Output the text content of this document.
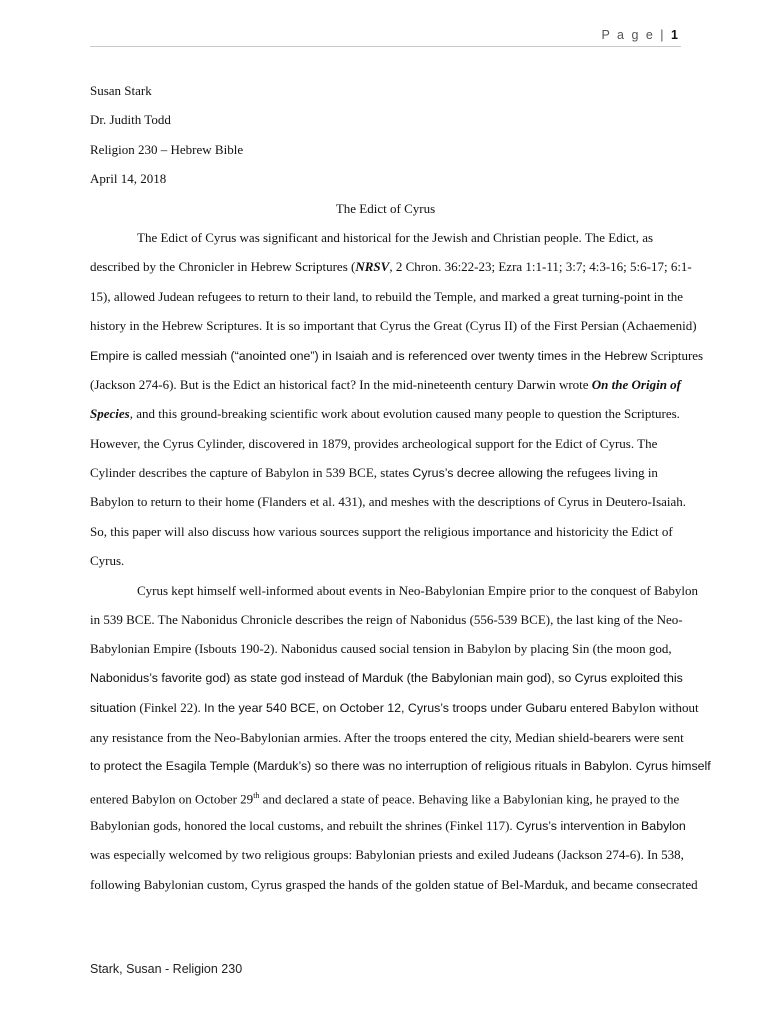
P a g e | 1
Susan Stark
Dr. Judith Todd
Religion 230 – Hebrew Bible
April 14, 2018
The Edict of Cyrus
The Edict of Cyrus was significant and historical for the Jewish and Christian people. The Edict, as
described by the Chronicler in Hebrew Scriptures (NRSV, 2 Chron. 36:22-23; Ezra 1:1-11; 3:7; 4:3-16; 5:6-17; 6:1-
15), allowed Judean refugees to return to their land, to rebuild the Temple, and marked a great turning-point in the
history in the Hebrew Scriptures. It is so important that Cyrus the Great (Cyrus II) of the First Persian (Achaemenid)
Empire is called messiah (“anointed one”) in Isaiah and is referenced over twenty times in the Hebrew Scriptures
(Jackson 274-6). But is the Edict an historical fact? In the mid-nineteenth century Darwin wrote On the Origin of
Species, and this ground-breaking scientific work about evolution caused many people to question the Scriptures.
However, the Cyrus Cylinder, discovered in 1879, provides archeological support for the Edict of Cyrus. The
Cylinder describes the capture of Babylon in 539 BCE, states Cyrus’s decree allowing the refugees living in
Babylon to return to their home (Flanders et al. 431), and meshes with the descriptions of Cyrus in Deutero-Isaiah.
So, this paper will also discuss how various sources support the religious importance and historicity the Edict of
Cyrus.
Cyrus kept himself well-informed about events in Neo-Babylonian Empire prior to the conquest of Babylon
in 539 BCE. The Nabonidus Chronicle describes the reign of Nabonidus (556-539 BCE), the last king of the Neo-
Babylonian Empire (Isbouts 190-2). Nabonidus caused social tension in Babylon by placing Sin (the moon god,
Nabonidus’s favorite god) as state god instead of Marduk (the Babylonian main god), so Cyrus exploited this
situation (Finkel 22). In the year 540 BCE, on October 12, Cyrus’s troops under Gubaru entered Babylon without
any resistance from the Neo-Babylonian armies. After the troops entered the city, Median shield-bearers were sent
to protect the Esagila Temple (Marduk’s) so there was no interruption of religious rituals in Babylon. Cyrus himself
entered Babylon on October 29th and declared a state of peace. Behaving like a Babylonian king, he prayed to the
Babylonian gods, honored the local customs, and rebuilt the shrines (Finkel 117). Cyrus’s intervention in Babylon
was especially welcomed by two religious groups: Babylonian priests and exiled Judeans (Jackson 274-6). In 538,
following Babylonian custom, Cyrus grasped the hands of the golden statue of Bel-Marduk, and became consecrated
Stark, Susan - Religion 230
